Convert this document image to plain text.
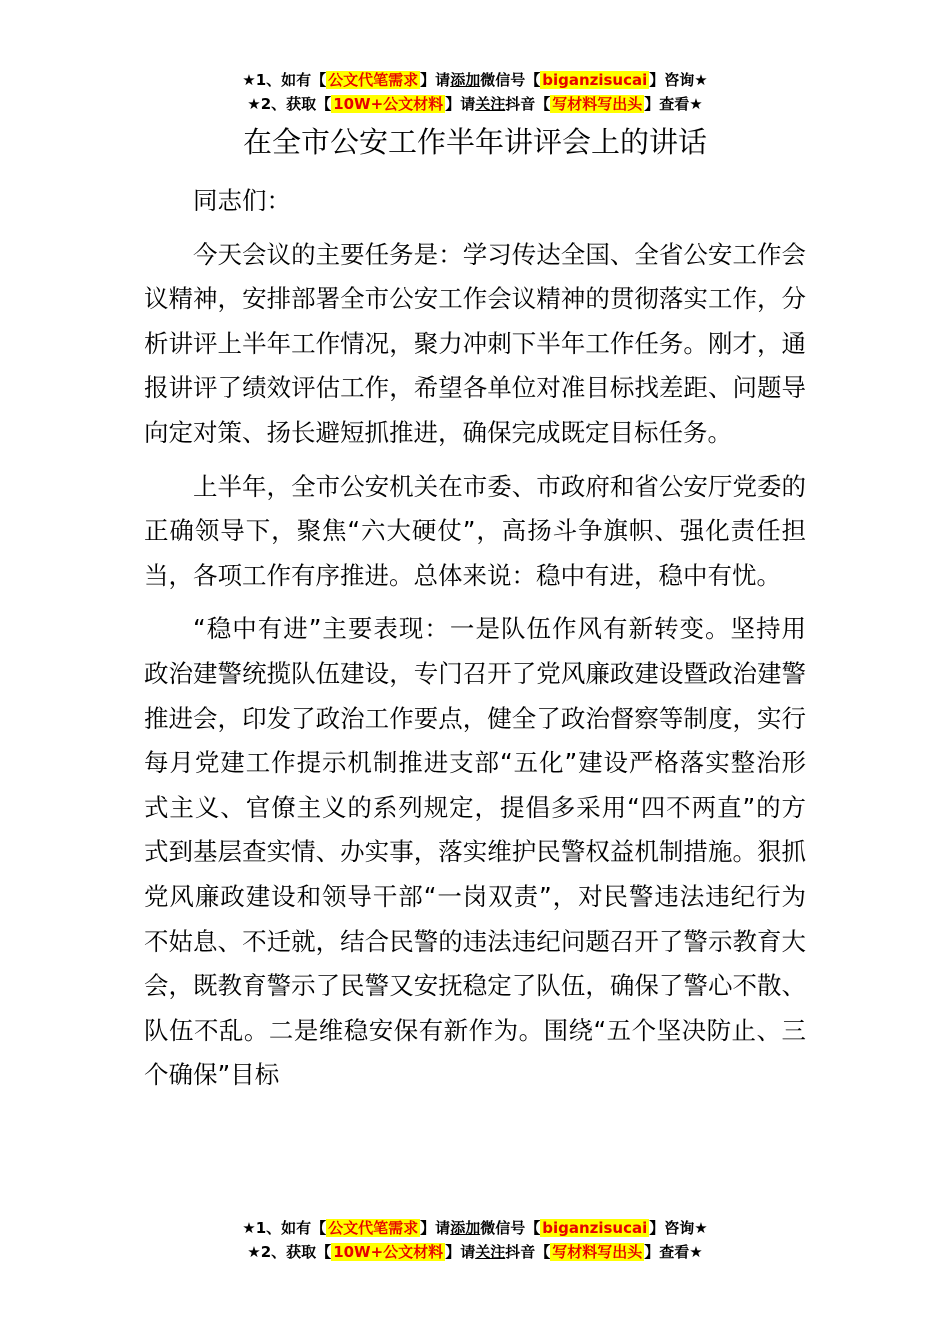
★1、如有【 公文代笔需求 】请添加微信号【 biganzisucai 】咨询★
★2、获取【 10W+公文材料 】请关注抖音【 写材料写出头 】查看★
在全市公安工作半年讲评会上的讲话

同志们：

今天会议的主要任务是：学习传达全国、全省公安工作会议精神，安排部署全市公安工作会议精神的贯彻落实工作，分析讲评上半年工作情况，聚力冲刺下半年工作任务。刚才，通报讲评了绩效评估工作，希望各单位对准目标找差距、问题导向定对策、扬长避短抓推进，确保完成既定目标任务。

上半年，全市公安机关在市委、市政府和省公安厅党委的正确领导下，聚焦“六大硬仗”，高扬斗争旗帜、强化责任担当，各项工作有序推进。总体来说：稳中有进，稳中有忧。

“稳中有进”主要表现：一是队伍作风有新转变。坚持用政治建警统揽队伍建设，专门召开了党风廉政建设暨政治建警推进会，印发了政治工作要点，健全了政治督察等制度，实行每月党建工作提示机制推进支部“五化”建设严格落实整治形式主义、官僚主义的系列规定，提倡多采用“四不两直”的方式到基层查实情、办实事，落实维护民警权益机制措施。狠抓党风廉政建设和领导干部“一岗双责”，对民警违法违纪行为不姑息、不迁就，结合民警的违法违纪问题召开了警示教育大会，既教育警示了民警又安抚稳定了队伍，确保了警心不散、队伍不乱。二是维稳安保有新作为。围绕“五个坚决防止、三个确保”目标

★1、如有【 公文代笔需求 】请添加微信号【 biganzisucai 】咨询★
★2、获取【 10W+公文材料 】请关注抖音【 写材料写出头 】查看★
